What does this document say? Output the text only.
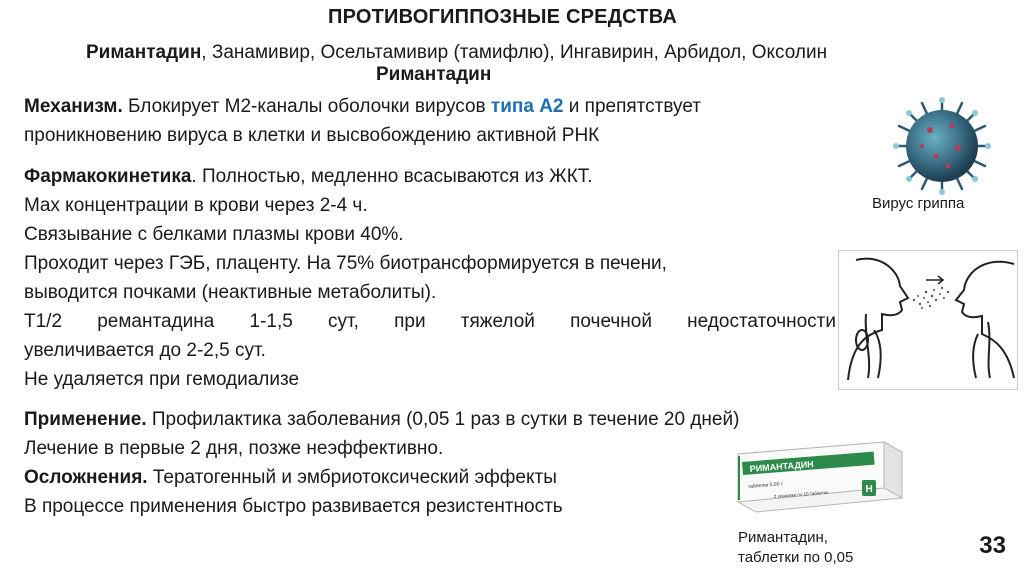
ПРОТИВОГИППОЗНЫЕ СРЕДСТВА
Римантадин, Занамивир, Осельтамивир (тамифлю), Ингавирин, Арбидол, Оксолин
Римантадин
Механизм. Блокирует М2-каналы оболочки вирусов типа А2 и препятствует
проникновению вируса в клетки и высвобождению активной РНК
Фармакокинетика. Полностью, медленно всасываются из ЖКТ.
Max концентрации в крови через 2-4 ч.
Связывание с белками плазмы крови 40%.
Проходит через ГЭБ, плаценту. На 75% биотрансформируется в печени,
выводится почками (неактивные метаболиты).
Т1/2 ремантадина 1-1,5 сут, при тяжелой почечной недостаточности
увеличивается до 2-2,5 сут.
Не удаляется при гемодиализе
Применение. Профилактика заболевания (0,05 1 раз в сутки в течение 20 дней)
Лечение в первые 2 дня, позже неэффективно.
Осложнения. Тератогенный и эмбриотоксический эффекты
В процессе применения быстро развивается резистентность
Вирус гриппа
РИМАНТАДИН
таблетки 0,05 г
2 упаковки по 10 таблеток	Н
Римантадин,
таблетки по 0,05	33
